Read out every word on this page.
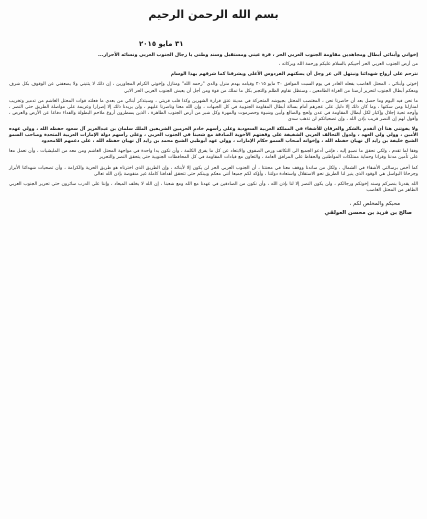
بسم الله الرحمن الرحيم
٣١ مايو ٢٠١٥

إخواني وأبنائي أبطال ومجاهدين مقاومة الجنوب العربي الحر ، قرة عيني ومستقبل وسند وطني يا رجال الجنوب العربي ونسائه الأحرار...

من أرض الجنوب العربي الحر أحييكم بالسلام عليكم ورحمة الله وبركاته ،

نترحم على أرواح شهدائنا ونبتهل الى عز وجل أن يسكنهم الفردوس الأعلى ويشرفنا كما شرفهم بهذا الوسام

إخوتي وأبنائي ، المحتل الغاصب بفعله الغادر في يوم السبت الموافق ٣٠ مايو ٢٠١٥ وقيامه بهدم منزل والدي "رحمه الله" ومنازل وإخوتي الكرام المجاورين ، إن ذلك لا يثنيني ولا يضعفني عن الوقوف بكل شرف ومعكم أبطال الجنوب لتحرير أرضنا من الغزاة الطامعين ، وسنظل نقاوم الظلم والتجبر بكل ما نملك من قوة ومن أجل أن يعيش الجنوب العربي الحر الابي

ما نحن فيه اليوم وما حصل بعد أن حاصرنا نحن ، المغتصب المحتل بجيوشه المتحركة في مدينة عتق قرارة الشهرين وكذا قلب قريتي ، وسيتذكر أبنائي من بعدي ما فعلته قوات المحتل الغاشم من تدمير وتخريب لمنازلنا ومن سكنها ، وما كان ذلك إلا دليل على عجزهم أمام بسالة أبطال المقاومة الجنوبية في كل الجبهات ، وإن الله معنا وناصرنا عليهم ، ولن يزيدنا ذلك إلا إصرارا وعزيمة على مواصلة الطريق حتى النصر ، وأوجه تحية إجلال وإكبار لكل أبطال المقاومة في عدن ولحج والضالع وأبين وشبوة وحضرموت والمهرة وكل شبر من أرض الجنوب الطاهرة ، الذين يسطرون أروع ملاحم البطولة والفداء دفاعا عن الأرض والعرض ، وأقول لهم إن النصر قريب بإذن الله ، وإن تضحياتكم لن تذهب سدى

ولا يفوتني هنا أن أتقدم بالشكر والعرفان للأشقاء في المملكة العربية السعودية وعلى رأسهم خادم الحرمين الشريفين الملك سلمان بن عبدالعزيز آل سعود حفظه الله ، وولي عهده الأمين ، وولي ولي العهد ، ولدول التحالف العربي الشقيقة على وقفتهم الأخوية الصادقة مع شعبنا في الجنوب العربي ، وعلى رأسهم دولة الإمارات العربية المتحدة وصاحب السمو الشيخ خليفة بن زايد آل نهيان حفظه الله ، وإخوانه أصحاب السمو حكام الإمارات ، وولي عهد أبوظبي الشيخ محمد بن زايد آل نهيان حفظه الله ، على دعمهم اللامحدود

وفقا لما تقدم ، ولكي نحقق ما نصبو إليه ، فإنني أدعو الجميع الى التكاتف ورص الصفوف والابتعاد عن كل ما يفرق الكلمة ، وأن نكون يدا واحدة في مواجهة المحتل الغاشم ومن معه من المليشيات ، وأن نعمل معا على تأمين مدننا وقرانا وحماية ممتلكات المواطنين والحفاظ على المرافق العامة ، والتعاون مع قيادات المقاومة في كل المحافظات الجنوبية حتى يتحقق النصر والتحرير

كما أخص برسالتي الأشقاء في الشمال ، ولكل من ساندنا ووقف معنا في محنتنا ، أن الجنوب العربي الحر لن يكون إلا لأبنائه ، وإن الطريق الذي اخترناه هو طريق الحرية والكرامة ، وأن تضحيات شهدائنا الأبرار وجرحانا البواسل هي الوقود الذي ينير لنا الطريق نحو الاستقلال واستعادة دولتنا ، وأؤكد لكم جميعا أنني معكم وبينكم حتى تتحقق أهدافنا كاملة غير منقوصة بإذن الله تعالى

الله يقدرنا بنصركم وسند إخوتكم ورجالكم ، ولن يكون النصر إلا لنا بإذن الله ، وأن نكون من الصادقين في عهدنا مع الله ومع شعبنا ، إن الله لا يخلف الميعاد ، وإننا على الدرب سائرون حتى تحرير الجنوب العربي الطاهر من المحتل الغاصب

محبكم والمخلص لكم ،
صالح بن فريد بن محسن العولقي
